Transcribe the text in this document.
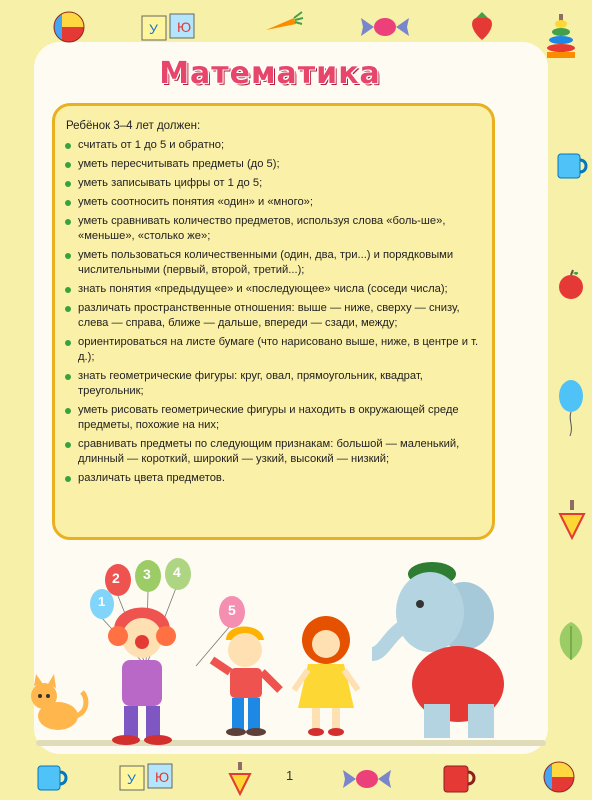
У Ю
Математика
Ребёнок 3–4 лет должен:
считать от 1 до 5 и обратно;
уметь пересчитывать предметы (до 5);
уметь записывать цифры от 1 до 5;
уметь соотносить понятия «один» и «много»;
уметь сравнивать количество предметов, используя слова «боль-ше», «меньше», «столько же»;
уметь пользоваться количественными (один, два, три...) и порядковыми числительными (первый, второй, третий...);
знать понятия «предыдущее» и «последующее» числа (соседи числа);
различать пространственные отношения: выше — ниже, сверху — снизу, слева — справа, ближе — дальше, впереди — сзади, между;
ориентироваться на листе бумаге (что нарисовано выше, ниже, в центре и т. д.);
знать геометрические фигуры: круг, овал, прямоугольник, квадрат, треугольник;
уметь рисовать геометрические фигуры и находить в окружающей среде предметы, похожие на них;
сравнивать предметы по следующим признакам: большой — маленький, длинный — короткий, широкий — узкий, высокий — низкий;
различать цвета предметов.
2 3 4
1
5
У Ю	1
